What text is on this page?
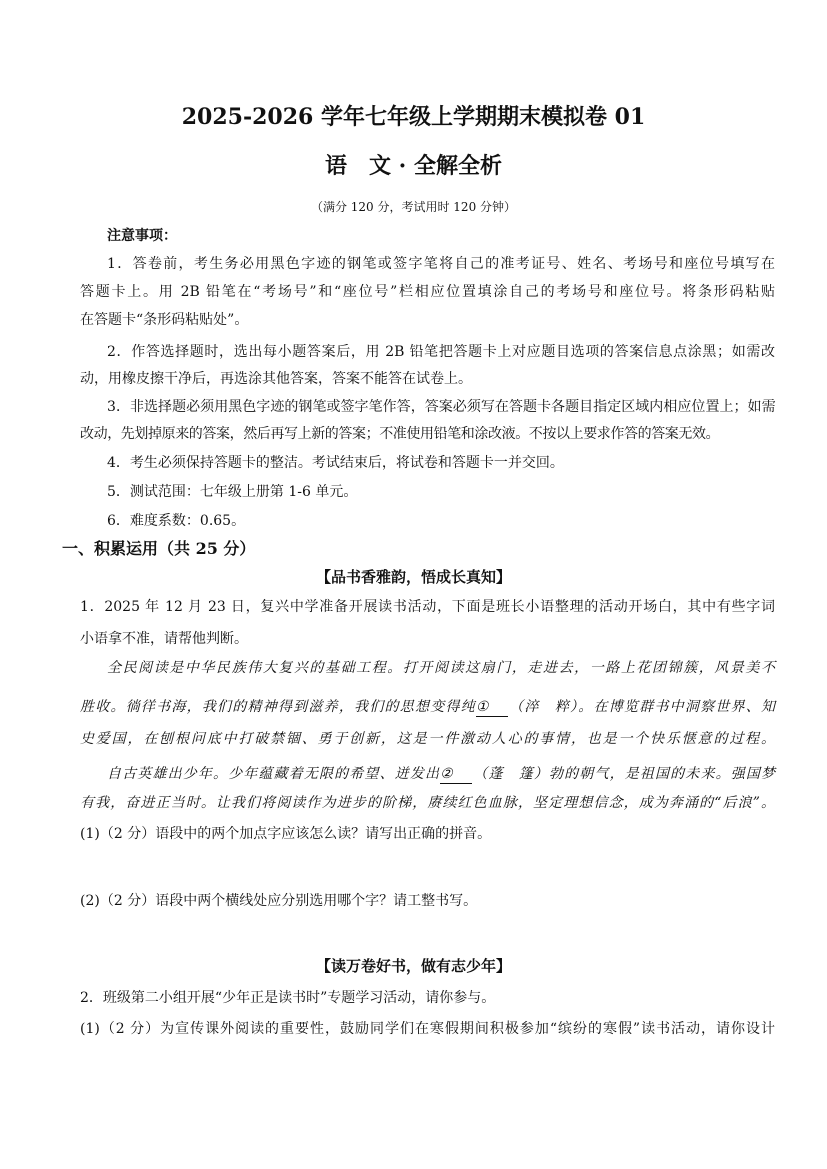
2025-2026 学年七年级上学期期末模拟卷 01
语　文 · 全解全析
（满分 120 分，考试用时 120 分钟）
注意事项：
1．答卷前，考生务必用黑色字迹的钢笔或签字笔将自己的准考证号、姓名、考场号和座位号填写在
答题卡上。用 2B 铅笔在“考场号”和“座位号”栏相应位置填涂自己的考场号和座位号。将条形码粘贴
在答题卡“条形码粘贴处”。
2．作答选择题时，选出每小题答案后，用 2B 铅笔把答题卡上对应题目选项的答案信息点涂黑；如需改
动，用橡皮擦干净后，再选涂其他答案，答案不能答在试卷上。
3．非选择题必须用黑色字迹的钢笔或签字笔作答，答案必须写在答题卡各题目指定区域内相应位置上；如需
改动，先划掉原来的答案，然后再写上新的答案；不准使用铅笔和涂改液。不按以上要求作答的答案无效。
4．考生必须保持答题卡的整洁。考试结束后，将试卷和答题卡一并交回。
5．测试范围：七年级上册第 1-6 单元。
6．难度系数：0.65。
一、积累运用（共 25 分）
【品书香雅韵，悟成长真知】
1．2025 年 12 月 23 日，复兴中学准备开展读书活动，下面是班长小语整理的活动开场白，其中有些字词
小语拿不准，请帮他判断。
全民阅读是中华民族伟大复兴的基础工程。打开阅读这扇门，走进去，一路上花团锦簇，风景美不
胜收。徜徉书海，我们的精神得到滋养，我们的思想变得纯① （淬　粹）。在博览群书中洞察世界、知
史爱国，在刨根问底中打破禁锢、勇于创新，这是一件激动人心的事情，也是一个快乐惬意的过程。
自古英雄出少年。少年蕴藏着无限的希望、迸发出② （蓬　篷）勃的朝气，是祖国的未来。强国梦
有我，奋进正当时。让我们将阅读作为进步的阶梯，赓续红色血脉，坚定理想信念，成为奔涌的“后浪”。
(1)（2 分）语段中的两个加点字应该怎么读？请写出正确的拼音。
(2)（2 分）语段中两个横线处应分别选用哪个字？请工整书写。
【读万卷好书，做有志少年】
2．班级第二小组开展“少年正是读书时”专题学习活动，请你参与。
(1)（2 分）为宣传课外阅读的重要性，鼓励同学们在寒假期间积极参加“缤纷的寒假”读书活动，请你设计
